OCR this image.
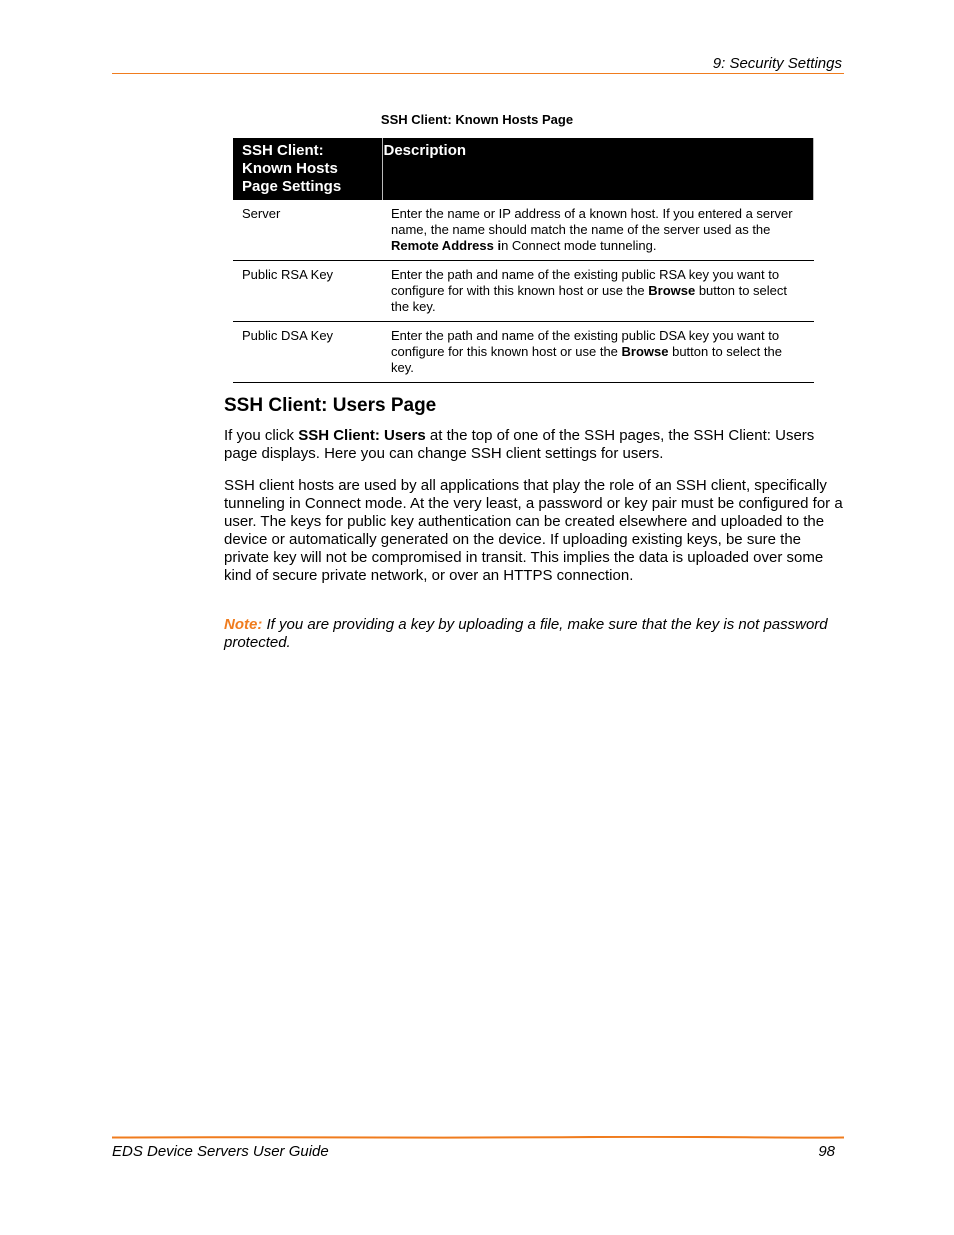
9: Security Settings
SSH Client: Known Hosts Page
SSH Client: Known Hosts Page Settings	Description
Server	Enter the name or IP address of a known host. If you entered a server name, the name should match the name of the server used as the Remote Address in Connect mode tunneling.
Public RSA Key	Enter the path and name of the existing public RSA key you want to configure for with this known host or use the Browse button to select the key.
Public DSA Key	Enter the path and name of the existing public DSA key you want to configure for this known host or use the Browse button to select the key.
SSH Client: Users Page

If you click SSH Client: Users at the top of one of the SSH pages, the SSH Client: Users page displays. Here you can change SSH client settings for users.

SSH client hosts are used by all applications that play the role of an SSH client, specifically tunneling in Connect mode. At the very least, a password or key pair must be configured for a user. The keys for public key authentication can be created elsewhere and uploaded to the device or automatically generated on the device. If uploading existing keys, be sure the private key will not be compromised in transit. This implies the data is uploaded over some kind of secure private network, or over an HTTPS connection.

Note: If you are providing a key by uploading a file, make sure that the key is not password protected.

EDS Device Servers User Guide	98
